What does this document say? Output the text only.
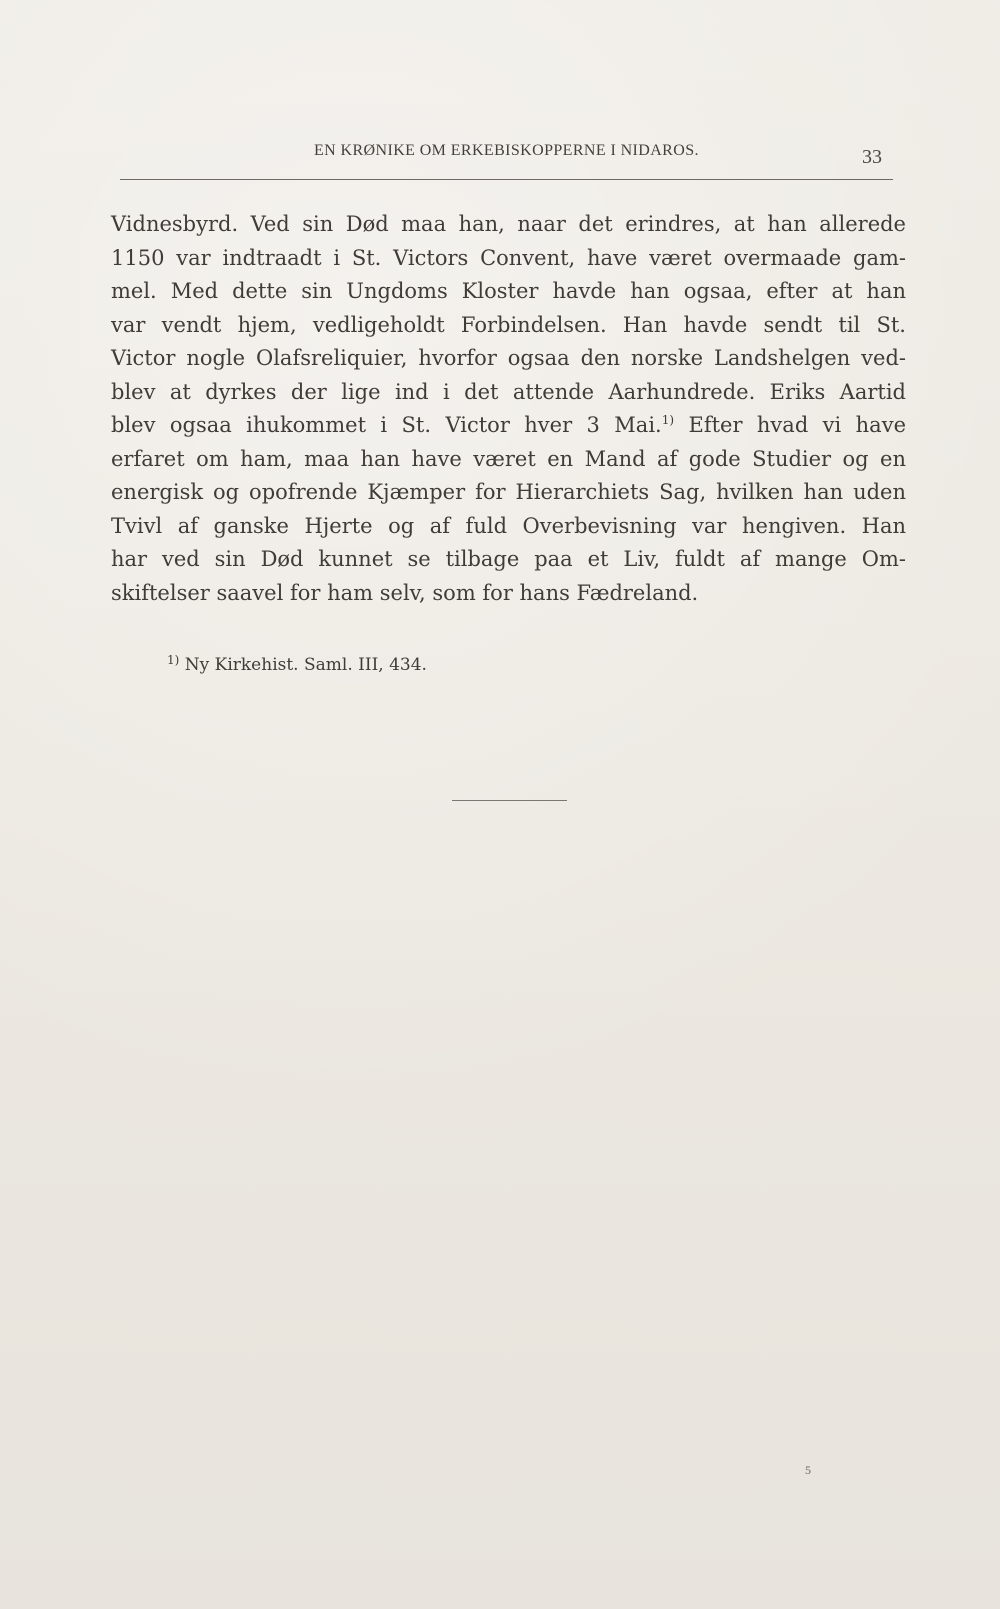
EN KRØNIKE OM ERKEBISKOPPERNE I NIDAROS.	33
Vidnesbyrd. Ved sin Død maa han, naar det erindres, at han allerede
1150 var indtraadt i St. Victors Convent, have været overmaade gam-
mel. Med dette sin Ungdoms Kloster havde han ogsaa, efter at han
var vendt hjem, vedligeholdt Forbindelsen. Han havde sendt til St.
Victor nogle Olafsreliquier, hvorfor ogsaa den norske Landshelgen ved-
blev at dyrkes der lige ind i det attende Aarhundrede. Eriks Aartid
blev ogsaa ihukommet i St. Victor hver 3 Mai.$^{1)}$ Efter hvad vi have
erfaret om ham, maa han have været en Mand af gode Studier og en
energisk og opofrende Kjæmper for Hierarchiets Sag, hvilken han uden
Tvivl af ganske Hjerte og af fuld Overbevisning var hengiven. Han
har ved sin Død kunnet se tilbage paa et Liv, fuldt af mange Om-
skiftelser saavel for ham selv, som for hans Fædreland.
$^{1)}$ Ny Kirkehist. Saml. III, 434.
5
